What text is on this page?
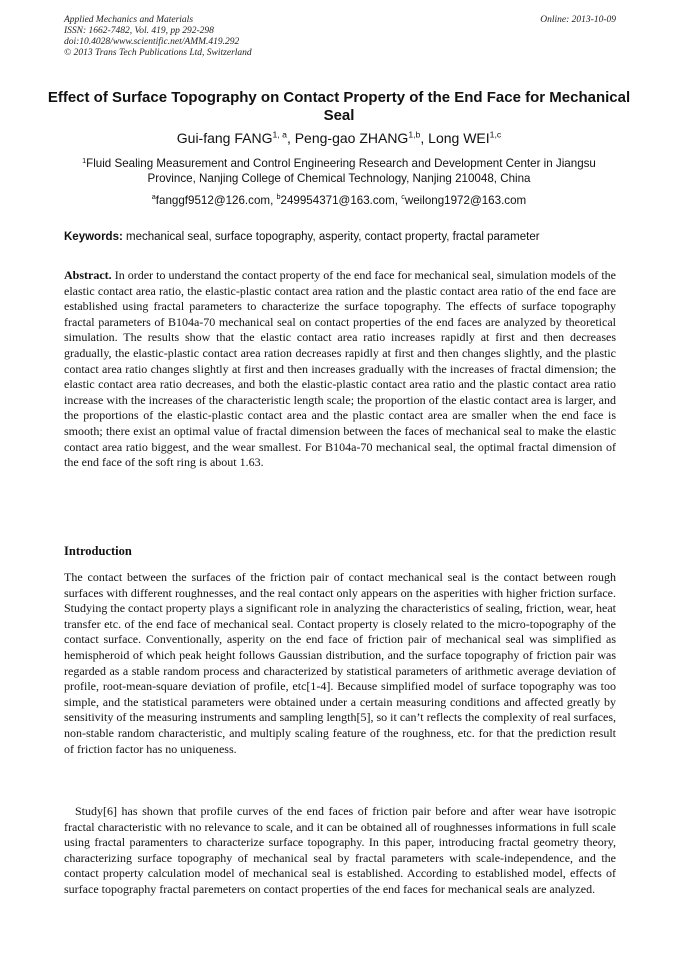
Applied Mechanics and Materials
ISSN: 1662-7482, Vol. 419, pp 292-298
doi:10.4028/www.scientific.net/AMM.419.292
© 2013 Trans Tech Publications Ltd, Switzerland
Online: 2013-10-09
Effect of Surface Topography on Contact Property of the End Face for Mechanical Seal
Gui-fang FANG$^{1, a}$, Peng-gao ZHANG$^{1,b}$, Long WEI$^{1,c}$
$^1$Fluid Sealing Measurement and Control Engineering Research and Development Center in Jiangsu Province, Nanjing College of Chemical Technology, Nanjing 210048, China
$^a$fanggf9512@126.com, $^b$249954371@163.com, $^c$weilong1972@163.com
Keywords: mechanical seal, surface topography, asperity, contact property, fractal parameter
Abstract. In order to understand the contact property of the end face for mechanical seal, simulation models of the elastic contact area ratio, the elastic-plastic contact area ration and the plastic contact area ratio of the end face are established using fractal parameters to characterize the surface topography. The effects of surface topography fractal parameters of B104a-70 mechanical seal on contact properties of the end faces are analyzed by theoretical simulation. The results show that the elastic contact area ratio increases rapidly at first and then decreases gradually, the elastic-plastic contact area ration decreases rapidly at first and then changes slightly, and the plastic contact area ratio changes slightly at first and then increases gradually with the increases of fractal dimension; the elastic contact area ratio decreases, and both the elastic-plastic contact area ratio and the plastic contact area ratio increase with the increases of the characteristic length scale; the proportion of the elastic contact area is larger, and the proportions of the elastic-plastic contact area and the plastic contact area are smaller when the end face is smooth; there exist an optimal value of fractal dimension between the faces of mechanical seal to make the elastic contact area ratio biggest, and the wear smallest. For B104a-70 mechanical seal, the optimal fractal dimension of the end face of the soft ring is about 1.63.
Introduction
The contact between the surfaces of the friction pair of contact mechanical seal is the contact between rough surfaces with different roughnesses, and the real contact only appears on the asperities with higher friction surface. Studying the contact property plays a significant role in analyzing the characteristics of sealing, friction, wear, heat transfer etc. of the end face of mechanical seal. Contact property is closely related to the micro-topography of the contact surface. Conventionally, asperity on the end face of friction pair of mechanical seal was simplified as hemispheroid of which peak height follows Gaussian distribution, and the surface topography of friction pair was regarded as a stable random process and characterized by statistical parameters of arithmetic average deviation of profile, root-mean-square deviation of profile, etc[1-4]. Because simplified model of surface topography was too simple, and the statistical parameters were obtained under a certain measuring conditions and affected greatly by sensitivity of the measuring instruments and sampling length[5], so it can’t reflects the complexity of real surfaces, non-stable random characteristic, and multiply scaling feature of the roughness, etc. for that the prediction result of friction factor has no uniqueness.
Study[6] has shown that profile curves of the end faces of friction pair before and after wear have isotropic fractal characteristic with no relevance to scale, and it can be obtained all of roughnesses informations in full scale using fractal paramenters to characterize surface topography. In this paper, introducing fractal geometry theory, characterizing surface topography of mechanical seal by fractal parameters with scale-independence, and the contact property calculation model of mechanical seal is established. According to established model, effects of surface topography fractal paremeters on contact properties of the end faces for mechanical seals are analyzed.
